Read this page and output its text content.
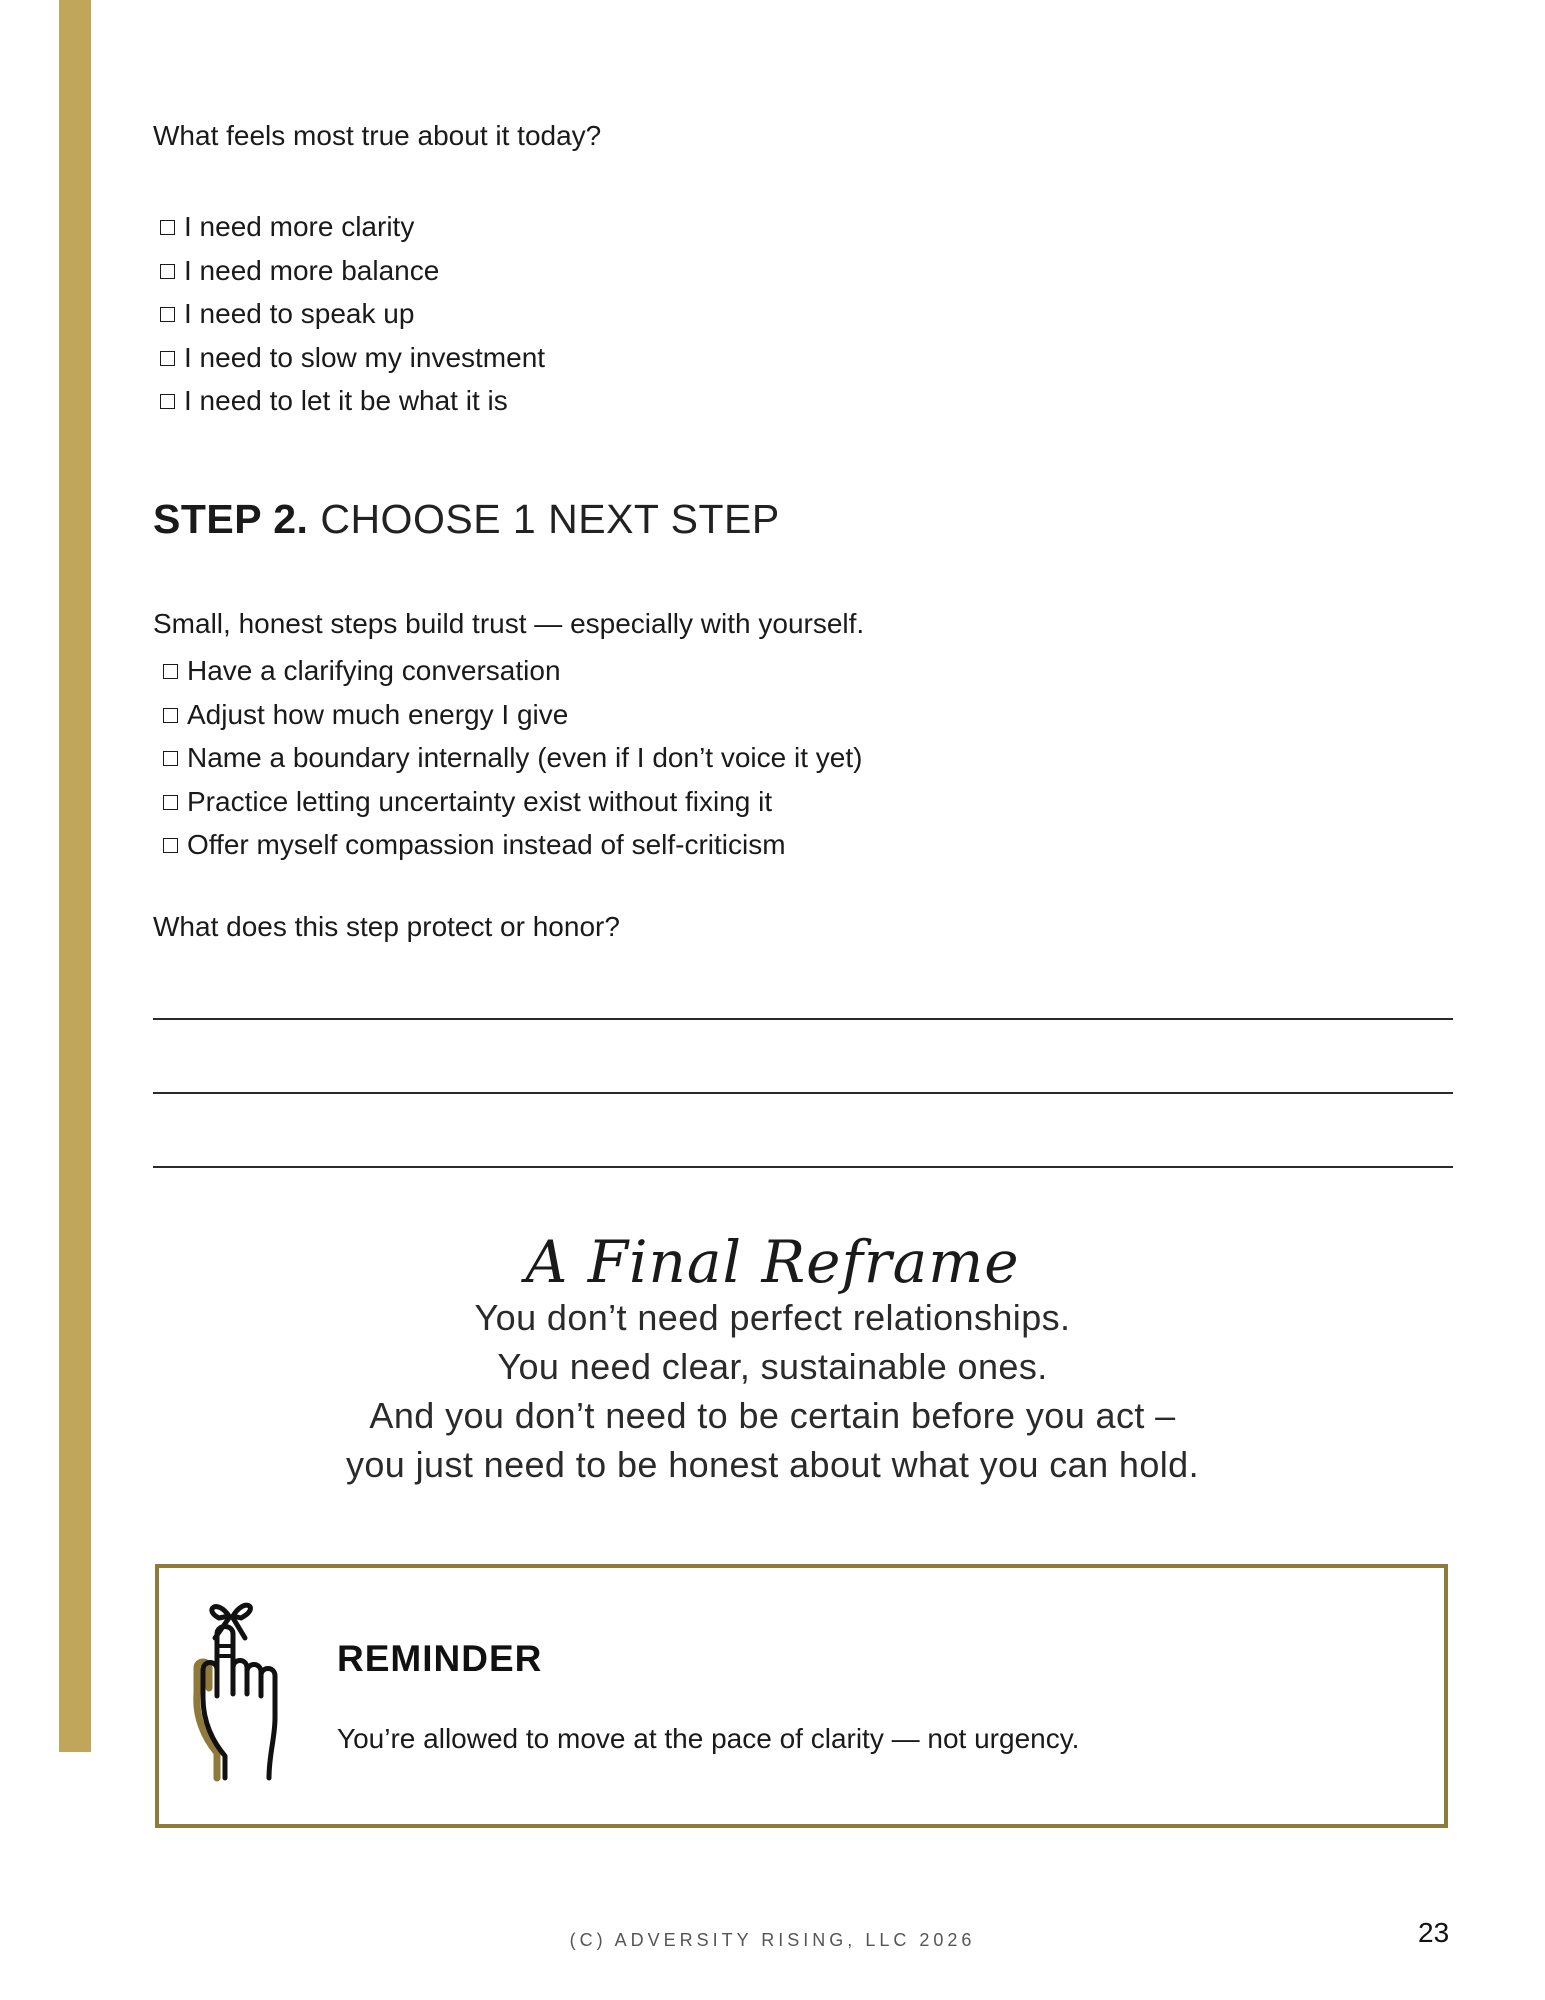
What feels most true about it today?
I need more clarity
I need more balance
I need to speak up
I need to slow my investment
I need to let it be what it is
STEP 2. CHOOSE 1 NEXT STEP
Small, honest steps build trust — especially with yourself.
Have a clarifying conversation
Adjust how much energy I give
Name a boundary internally (even if I don’t voice it yet)
Practice letting uncertainty exist without fixing it
Offer myself compassion instead of self-criticism
What does this step protect or honor?
A Final Reframe
You don’t need perfect relationships.
You need clear, sustainable ones.
And you don’t need to be certain before you act –
you just need to be honest about what you can hold.
REMINDER
You’re allowed to move at the pace of clarity — not urgency.
(C) ADVERSITY RISING, LLC 2026	23
